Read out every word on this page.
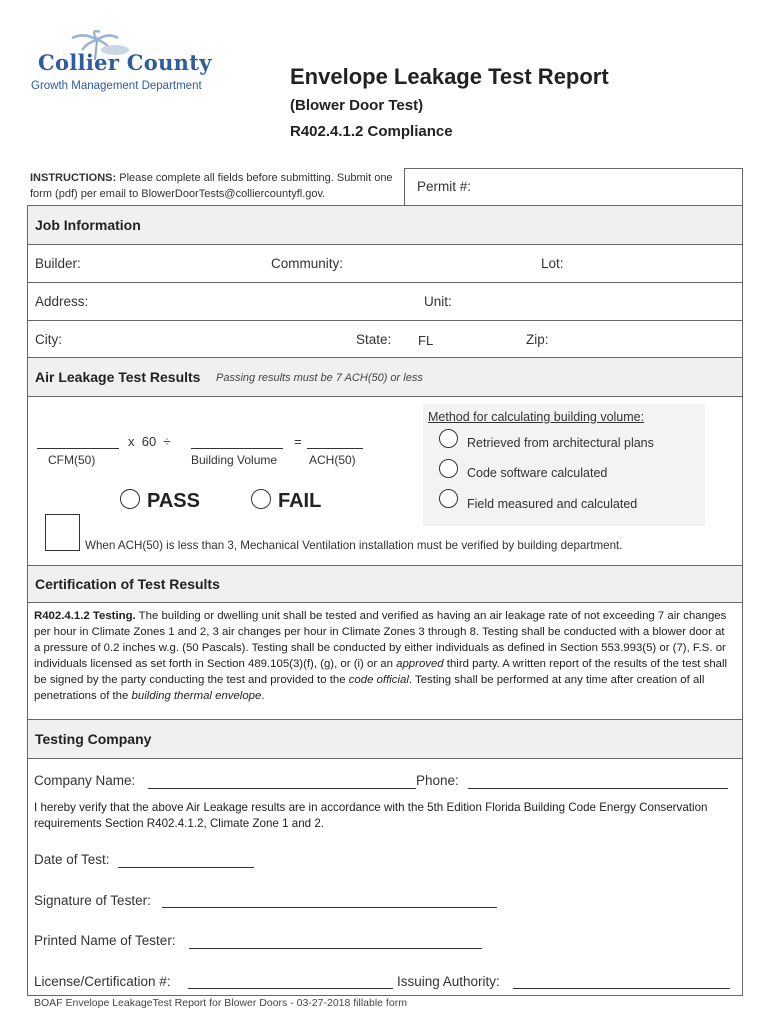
Collier County
Growth Management Department	Envelope Leakage Test Report
(Blower Door Test)
R402.4.1.2 Compliance
INSTRUCTIONS: Please complete all fields before submitting. Submit one form (pdf) per email to BlowerDoorTests@colliercountyfl.gov.	Permit #:
Job Information
Builder:	Community:	Lot:
Address:	Unit:
City:	State: FL	Zip:
Air Leakage Test Results Passing results must be 7 ACH(50) or less
x  60  ÷	=
CFM(50)	Building Volume	ACH(50)
PASS	FAIL
Method for calculating building volume:
Retrieved from architectural plans
Code software calculated
Field measured and calculated
When ACH(50) is less than 3, Mechanical Ventilation installation must be verified by building department.
Certification of Test Results
R402.4.1.2 Testing. The building or dwelling unit shall be tested and verified as having an air leakage rate of not exceeding 7 air changes per hour in Climate Zones 1 and 2, 3 air changes per hour in Climate Zones 3 through 8. Testing shall be conducted with a blower door at a pressure of 0.2 inches w.g. (50 Pascals). Testing shall be conducted by either individuals as defined in Section 553.993(5) or (7), F.S. or individuals licensed as set forth in Section 489.105(3)(f), (g), or (i) or an approved third party. A written report of the results of the test shall be signed by the party conducting the test and provided to the code official. Testing shall be performed at any time after creation of all penetrations of the building thermal envelope.
Testing Company
Company Name:	Phone:
I hereby verify that the above Air Leakage results are in accordance with the 5th Edition Florida Building Code Energy Conservation requirements Section R402.4.1.2, Climate Zone 1 and 2.
Date of Test:
Signature of Tester:
Printed Name of Tester:
License/Certification #:	Issuing Authority:
BOAF Envelope LeakageTest Report for Blower Doors - 03-27-2018 fillable form
